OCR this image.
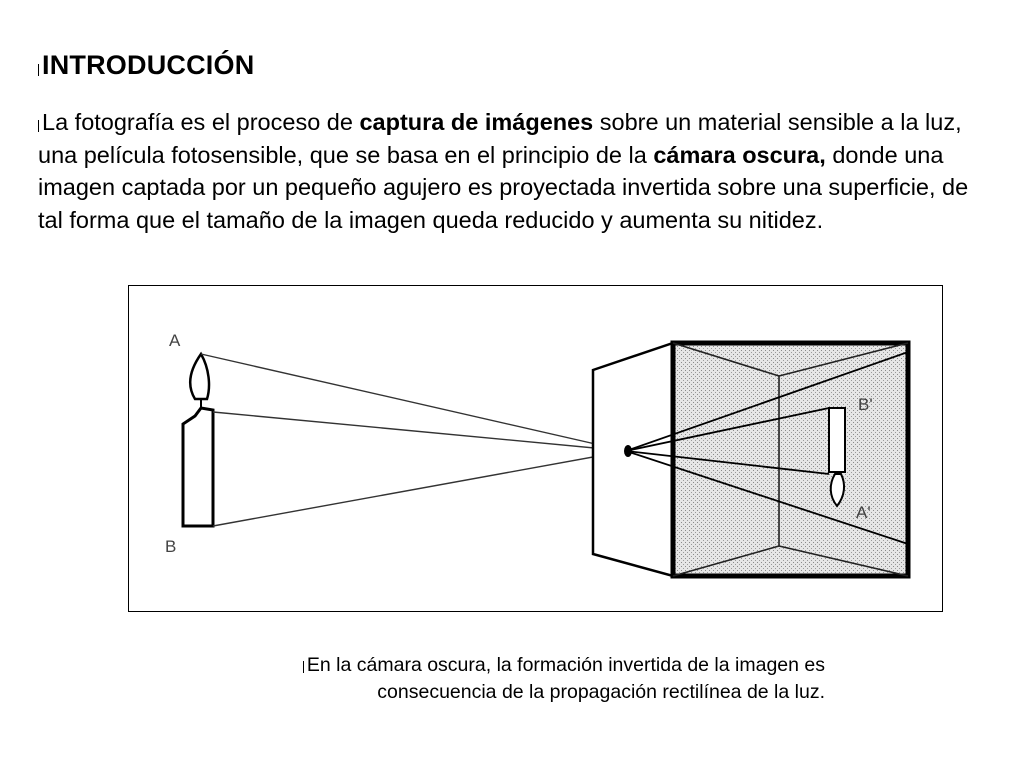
INTRODUCCIÓN
La fotografía es el proceso de captura de imágenes sobre un material sensible a la luz, una película fotosensible, que se basa en el principio de la cámara oscura, donde una imagen captada por un pequeño agujero es proyectada invertida sobre una superficie, de tal forma que el tamaño de la imagen queda reducido y aumenta su nitidez.
A
B
B'
A'
En la cámara oscura, la formación invertida de la imagen es
consecuencia de la propagación rectilínea de la luz.
